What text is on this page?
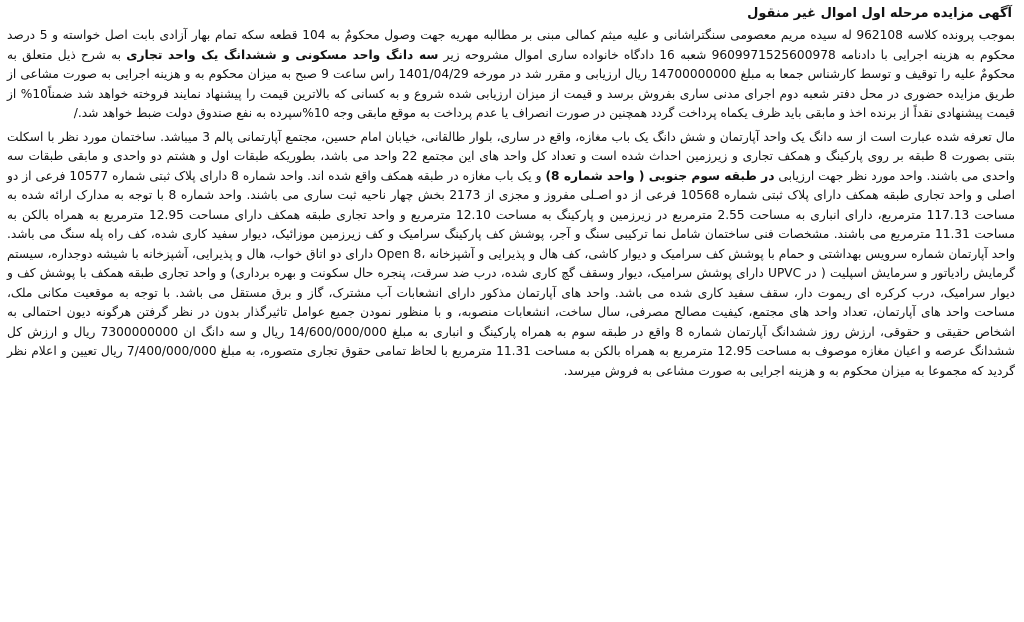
آگهی مزایده مرحله اول اموال غیر منقول

بموجب پرونده کلاسه 962108 له سیده مریم معصومی سنگتراشانی و علیه میثم کمالی مبنی بر مطالبه مهریه جهت وصول محکومٌ به 104 قطعه سکه تمام بهار آزادی بابت اصل خواسته و 5 درصد محکوم به هزینه اجرایی با دادنامه 9609971525600978 شعبه 16 دادگاه خانواده ساری اموال مشروحه زیر سه دانگ واحد مسکونی و ششدانگ یک واحد تجاری به شرح ذیل متعلق به محکومٌ علیه را توقیف و توسط کارشناس جمعا به مبلغ 14700000000 ریال ارزیابی و مقرر شد در مورخه 1401/04/29 راس ساعت 9 صبح به میزان محکوم به و هزینه اجرایی به صورت مشاعی از طریق مزایده حضوری در محل دفتر شعبه دوم اجرای مدنی ساری بفروش برسد و قیمت از میزان ارزیابی شده شروع و به کسانی که بالاترین قیمت را پیشنهاد نمایند فروخته خواهد شد ضمناً10% از قیمت پیشنهادی نقداً از برنده اخذ و مابقی باید ظرف یکماه پرداخت گردد همچنین در صورت انصراف یا عدم پرداخت به موقع مابقی وجه 10%سپرده به نفع صندوق دولت ضبط خواهد شد./

مال تعرفه شده عبارت است از سه دانگ یک واحد آپارتمان و شش دانگ یک باب مغازه، واقع در ساری، بلوار طالقانی، خیابان امام حسین، مجتمع آپارتمانی پالم 3 میباشد. ساختمان مورد نظر با اسکلت بتنی بصورت 8 طبقه بر روی پارکینگ و همکف تجاری و زیرزمین احداث شده است و تعداد کل واحد های این مجتمع 22 واحد می باشد، بطوریکه طبقات اول و هشتم دو واحدی و مابقی طبقات سه واحدی می باشند. واحد مورد نظر جهت ارزیابی در طبقه سوم جنوبی ( واحد شماره 8) و یک باب مغازه در طبقه همکف واقع شده اند. واحد شماره 8 دارای پلاک ثبتی شماره 10577 فرعی از دو اصلی و واحد تجاری طبقه همکف دارای پلاک ثبتی شماره 10568 فرعی از دو اصـلی مفروز و مجزی از 2173 بخش چهار ناحیه ثبت ساری می باشند. واحد شماره 8 با توجه به مدارک ارائه شده به مساحت 117.13 مترمربع، دارای انباری به مساحت 2.55 مترمربع در زیرزمین و پارکینگ به مساحت 12.10 مترمربع و واحد تجاری طبقه همکف دارای مساحت 12.95 مترمربع به همراه بالکن به مساحت 11.31 مترمربع می باشند. مشخصات فنی ساختمان شامل نما ترکیبی سنگ و آجر، پوشش کف پارکینگ سرامیک و کف زیرزمین موزائیک، دیوار سفید کاری شده، کف راه پله سنگ می باشد. واحد آپارتمان شماره سرویس بهداشتی و حمام با پوشش کف سرامیک و دیوار کاشی، کف هال و پذیرایی و آشپزخانه ،Open 8 دارای دو اتاق خواب، هال و پذیرایی، آشپزخانه با شیشه دوجداره، سیستم گرمایش رادیاتور و سرمایش اسپلیت ( در UPVC دارای پوشش سرامیک، دیوار وسقف گچ کاری شده، درب ضد سرقت، پنجره حال سکونت و بهره برداری) و واحد تجاری طبقه همکف با پوشش کف و دیوار سرامیک، درب کرکره ای ریموت دار، سقف سفید کاری شده می باشد. واحد های آپارتمان مذکور دارای انشعابات آب مشترک، گاز و برق مستقل می باشد. با توجه به موقعیت مکانی ملک، مساحت واحد های آپارتمان، تعداد واحد های مجتمع، کیفیت مصالح مصرفی، سال ساخت، انشعابات منصوبه، و با منظور نمودن جمیع عوامل تاثیرگذار بدون در نظر گرفتن هرگونه دیون احتمالی به اشخاص حقیقی و حقوقی، ارزش روز ششدانگ آپارتمان شماره 8 واقع در طبقه سوم به همراه پارکینگ و انباری به مبلغ 14/600/000/000 ریال و سه دانگ ان 7300000000 ریال و ارزش کل ششدانگ عرصه و اعیان مغازه موصوف به مساحت 12.95 مترمربع به همراه بالکن به مساحت 11.31 مترمربع با لحاظ تمامی حقوق تجاری متصوره، به مبلغ 7/400/000/000 ریال تعیین و اعلام نظر گردید که مجموعا به میزان محکوم به و هزینه اجرایی به صورت مشاعی به فروش میرسد.
